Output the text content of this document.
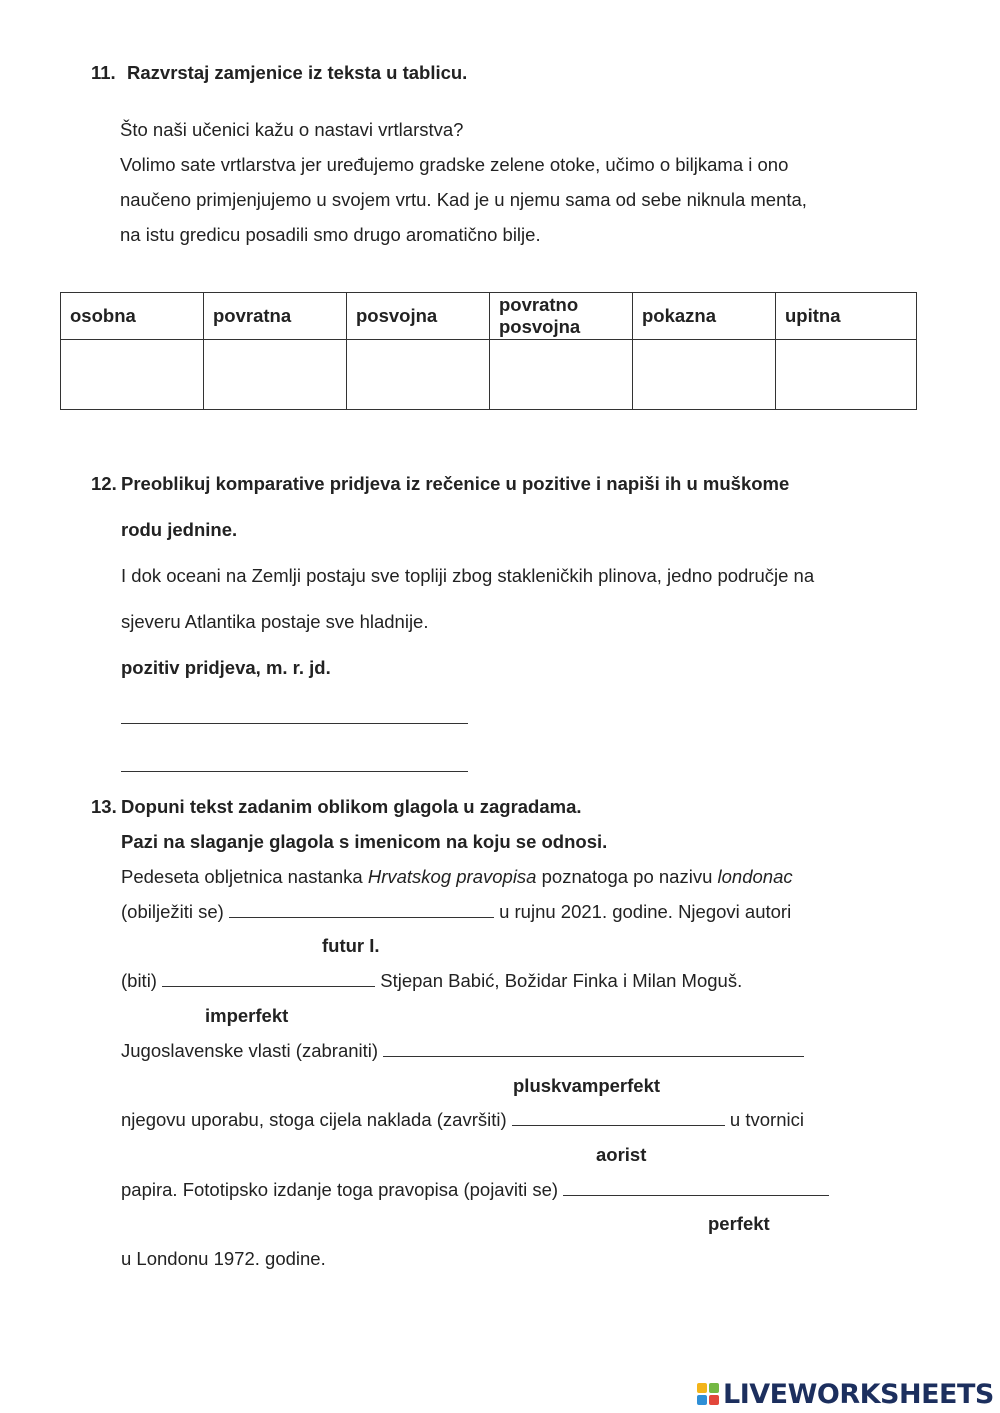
11. Razvrstaj zamjenice iz teksta u tablicu.
Što naši učenici kažu o nastavi vrtlarstva?
Volimo sate vrtlarstva jer uređujemo gradske zelene otoke, učimo o biljkama i ono
naučeno primjenjujemo u svojem vrtu. Kad je u njemu sama od sebe niknula menta,
na istu gredicu posadili smo drugo aromatično bilje.
osobna	povratna	posvojna	povratno posvojna	pokazna	upitna

12. Preoblikuj komparative pridjeva iz rečenice u pozitive i napiši ih u muškome
rodu jednine.
I dok oceani na Zemlji postaju sve topliji zbog stakleničkih plinova, jedno područje na
sjeveru Atlantika postaje sve hladnije.
pozitiv pridjeva, m. r. jd.
13. Dopuni tekst zadanim oblikom glagola u zagradama.
Pazi na slaganje glagola s imenicom na koju se odnosi.
Pedeseta obljetnica nastanka Hrvatskog pravopisa poznatoga po nazivu londonac
(obilježiti se)	u rujnu 2021. godine. Njegovi autori
futur I.
(biti)	Stjepan Babić, Božidar Finka i Milan Moguš.
imperfekt
Jugoslavenske vlasti (zabraniti)
pluskvamperfekt
njegovu uporabu, stoga cijela naklada (završiti)	u tvornici
aorist
papira. Fototipsko izdanje toga pravopisa (pojaviti se)
perfekt
u Londonu 1972. godine.
LIVEWORKSHEETS
